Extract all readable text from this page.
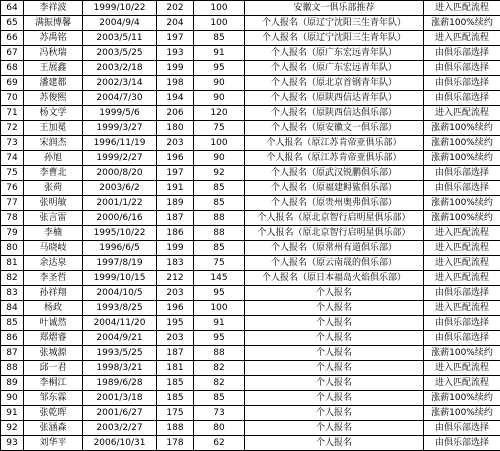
64	李祥波	1999/10/22	202	100	安徽文一俱乐部推荐	进入匹配流程
65	满振博馨	2004/9/4	204	100	个人报名（原辽宁沈阳三生青年队）	涨薪100%续约
66	苏禹铭	2003/5/11	197	85	个人报名（原辽宁沈阳三生青年队）	进入匹配流程
67	冯秋瑞	2003/5/25	193	91	个人报名（原广东宏远青年队）	由俱乐部选择
68	王展鑫	2003/2/18	199	95	个人报名（原广东宏远青年队）	由俱乐部选择
69	潘建都	2002/3/14	198	90	个人报名（原北京首钢青年队）	由俱乐部选择
70	苏俊熙	2004/7/30	194	90	个人报名（原陕西信达青年队）	由俱乐部选择
71	杨文学	1999/5/6	206	120	个人报名（原陕西信达俱乐部）	进入匹配流程
72	王加冕	1999/3/27	180	75	个人报名（原安徽文一俱乐部）	涨薪100%续约
73	宋润杰	1996/11/19	203	100	个人报名（原江苏肯帝亚俱乐部）	涨薪100%续约
74	孙旭	1999/2/27	196	90	个人报名（原江苏肯帝亚俱乐部）	涨薪100%续约
75	李曹北	2000/8/20	197	92	个人报名（原武汉锐鹏俱乐部）	由俱乐部选择
76	张荷	2003/6/2	191	85	个人报名（原福建鲟鲨俱乐部）	由俱乐部选择
77	张明敏	2001/1/22	189	85	个人报名（原贵州奥弗俱乐部）	涨薪100%续约
78	张言雷	2000/6/16	187	88	个人报名（原北京智行启明星俱乐部）	涨薪100%续约
79	李楠	1995/10/22	186	88	个人报名（原北京智行启明星俱乐部）	进入匹配流程
80	马晓岐	1996/6/5	199	85	个人报名（原常州有道俱乐部）	进入匹配流程
81	余达泉	1997/8/19	183	75	个人报名（原云南晟的俱乐部）	进入匹配流程
82	李圣哲	1999/10/15	212	145	个人报名（原日本福岛火焰俱乐部）	进入匹配流程
83	孙祥翔	2004/10/5	203	95	个人报名	由俱乐部选择
84	杨政	1993/8/25	196	100	个人报名	进入匹配流程
85	叶诚然	2004/11/20	195	91	个人报名	由俱乐部选择
86	郑熠睿	2004/9/21	203	95	个人报名	由俱乐部选择
87	张城源	1993/5/25	187	88	个人报名	涨薪100%续约
88	邱一君	1998/3/21	181	82	个人报名	进入匹配流程
89	李桐江	1989/6/28	185	82	个人报名	进入匹配流程
90	邹东霖	2001/3/18	185	85	个人报名	涨薪100%续约
91	张乾晖	2001/6/27	175	73	个人报名	涨薪100%续约
92	张涵森	2003/2/27	188	80	个人报名	由俱乐部选择
93	刘华平	2006/10/31	178	62	个人报名	由俱乐部选择
